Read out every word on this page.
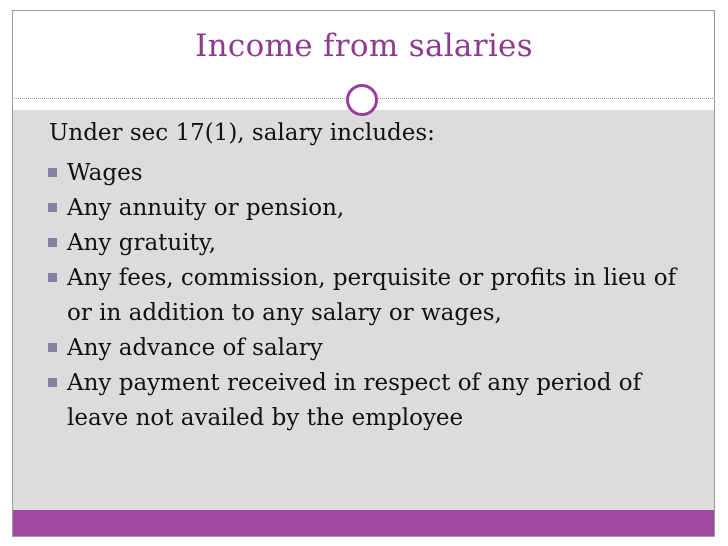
Income from salaries
Under sec 17(1), salary includes:
Wages
Any annuity or pension,
Any gratuity,
Any fees, commission, perquisite or profits in lieu of or in addition to any salary or wages,
Any advance of salary
Any payment received in respect of any period of leave not availed by the employee
